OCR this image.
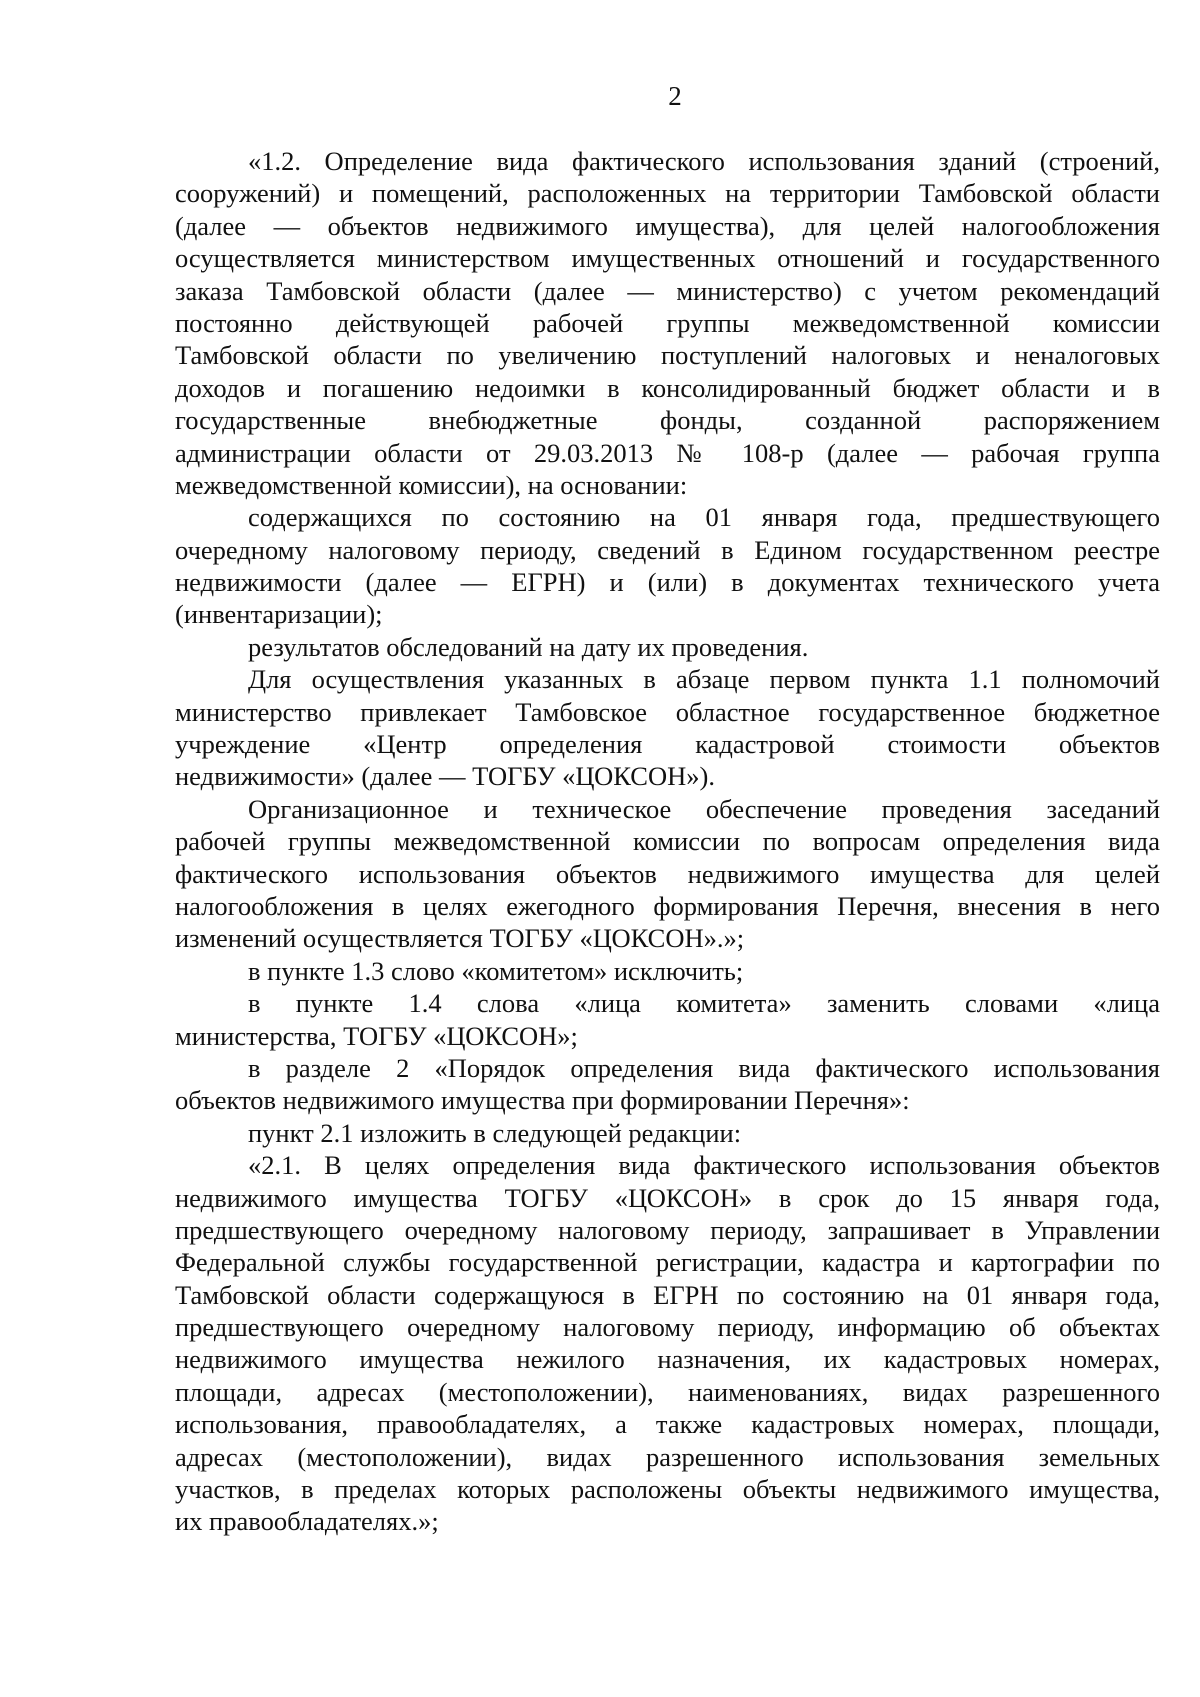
2
«1.2. Определение вида фактического использования зданий (строений,
сооружений) и помещений, расположенных на территории Тамбовской области
(далее — объектов недвижимого имущества), для целей налогообложения
осуществляется министерством имущественных отношений и государственного
заказа Тамбовской области (далее — министерство) с учетом рекомендаций
постоянно действующей рабочей группы межведомственной комиссии
Тамбовской области по увеличению поступлений налоговых и неналоговых
доходов и погашению недоимки в консолидированный бюджет области и в
государственные внебюджетные фонды, созданной распоряжением
администрации области от 29.03.2013 № 108-р (далее — рабочая группа
межведомственной комиссии), на основании:
содержащихся по состоянию на 01 января года, предшествующего
очередному налоговому периоду, сведений в Едином государственном реестре
недвижимости (далее — ЕГРН) и (или) в документах технического учета
(инвентаризации);
результатов обследований на дату их проведения.
Для осуществления указанных в абзаце первом пункта 1.1 полномочий
министерство привлекает Тамбовское областное государственное бюджетное
учреждение «Центр определения кадастровой стоимости объектов
недвижимости» (далее — ТОГБУ «ЦОКСОН»).
Организационное и техническое обеспечение проведения заседаний
рабочей группы межведомственной комиссии по вопросам определения вида
фактического использования объектов недвижимого имущества для целей
налогообложения в целях ежегодного формирования Перечня, внесения в него
изменений осуществляется ТОГБУ «ЦОКСОН».»;
в пункте 1.3 слово «комитетом» исключить;
в пункте 1.4 слова «лица комитета» заменить словами «лица
министерства, ТОГБУ «ЦОКСОН»;
в разделе 2 «Порядок определения вида фактического использования
объектов недвижимого имущества при формировании Перечня»:
пункт 2.1 изложить в следующей редакции:
«2.1. В целях определения вида фактического использования объектов
недвижимого имущества ТОГБУ «ЦОКСОН» в срок до 15 января года,
предшествующего очередному налоговому периоду, запрашивает в Управлении
Федеральной службы государственной регистрации, кадастра и картографии по
Тамбовской области содержащуюся в ЕГРН по состоянию на 01 января года,
предшествующего очередному налоговому периоду, информацию об объектах
недвижимого имущества нежилого назначения, их кадастровых номерах,
площади, адресах (местоположении), наименованиях, видах разрешенного
использования, правообладателях, а также кадастровых номерах, площади,
адресах (местоположении), видах разрешенного использования земельных
участков, в пределах которых расположены объекты недвижимого имущества,
их правообладателях.»;
